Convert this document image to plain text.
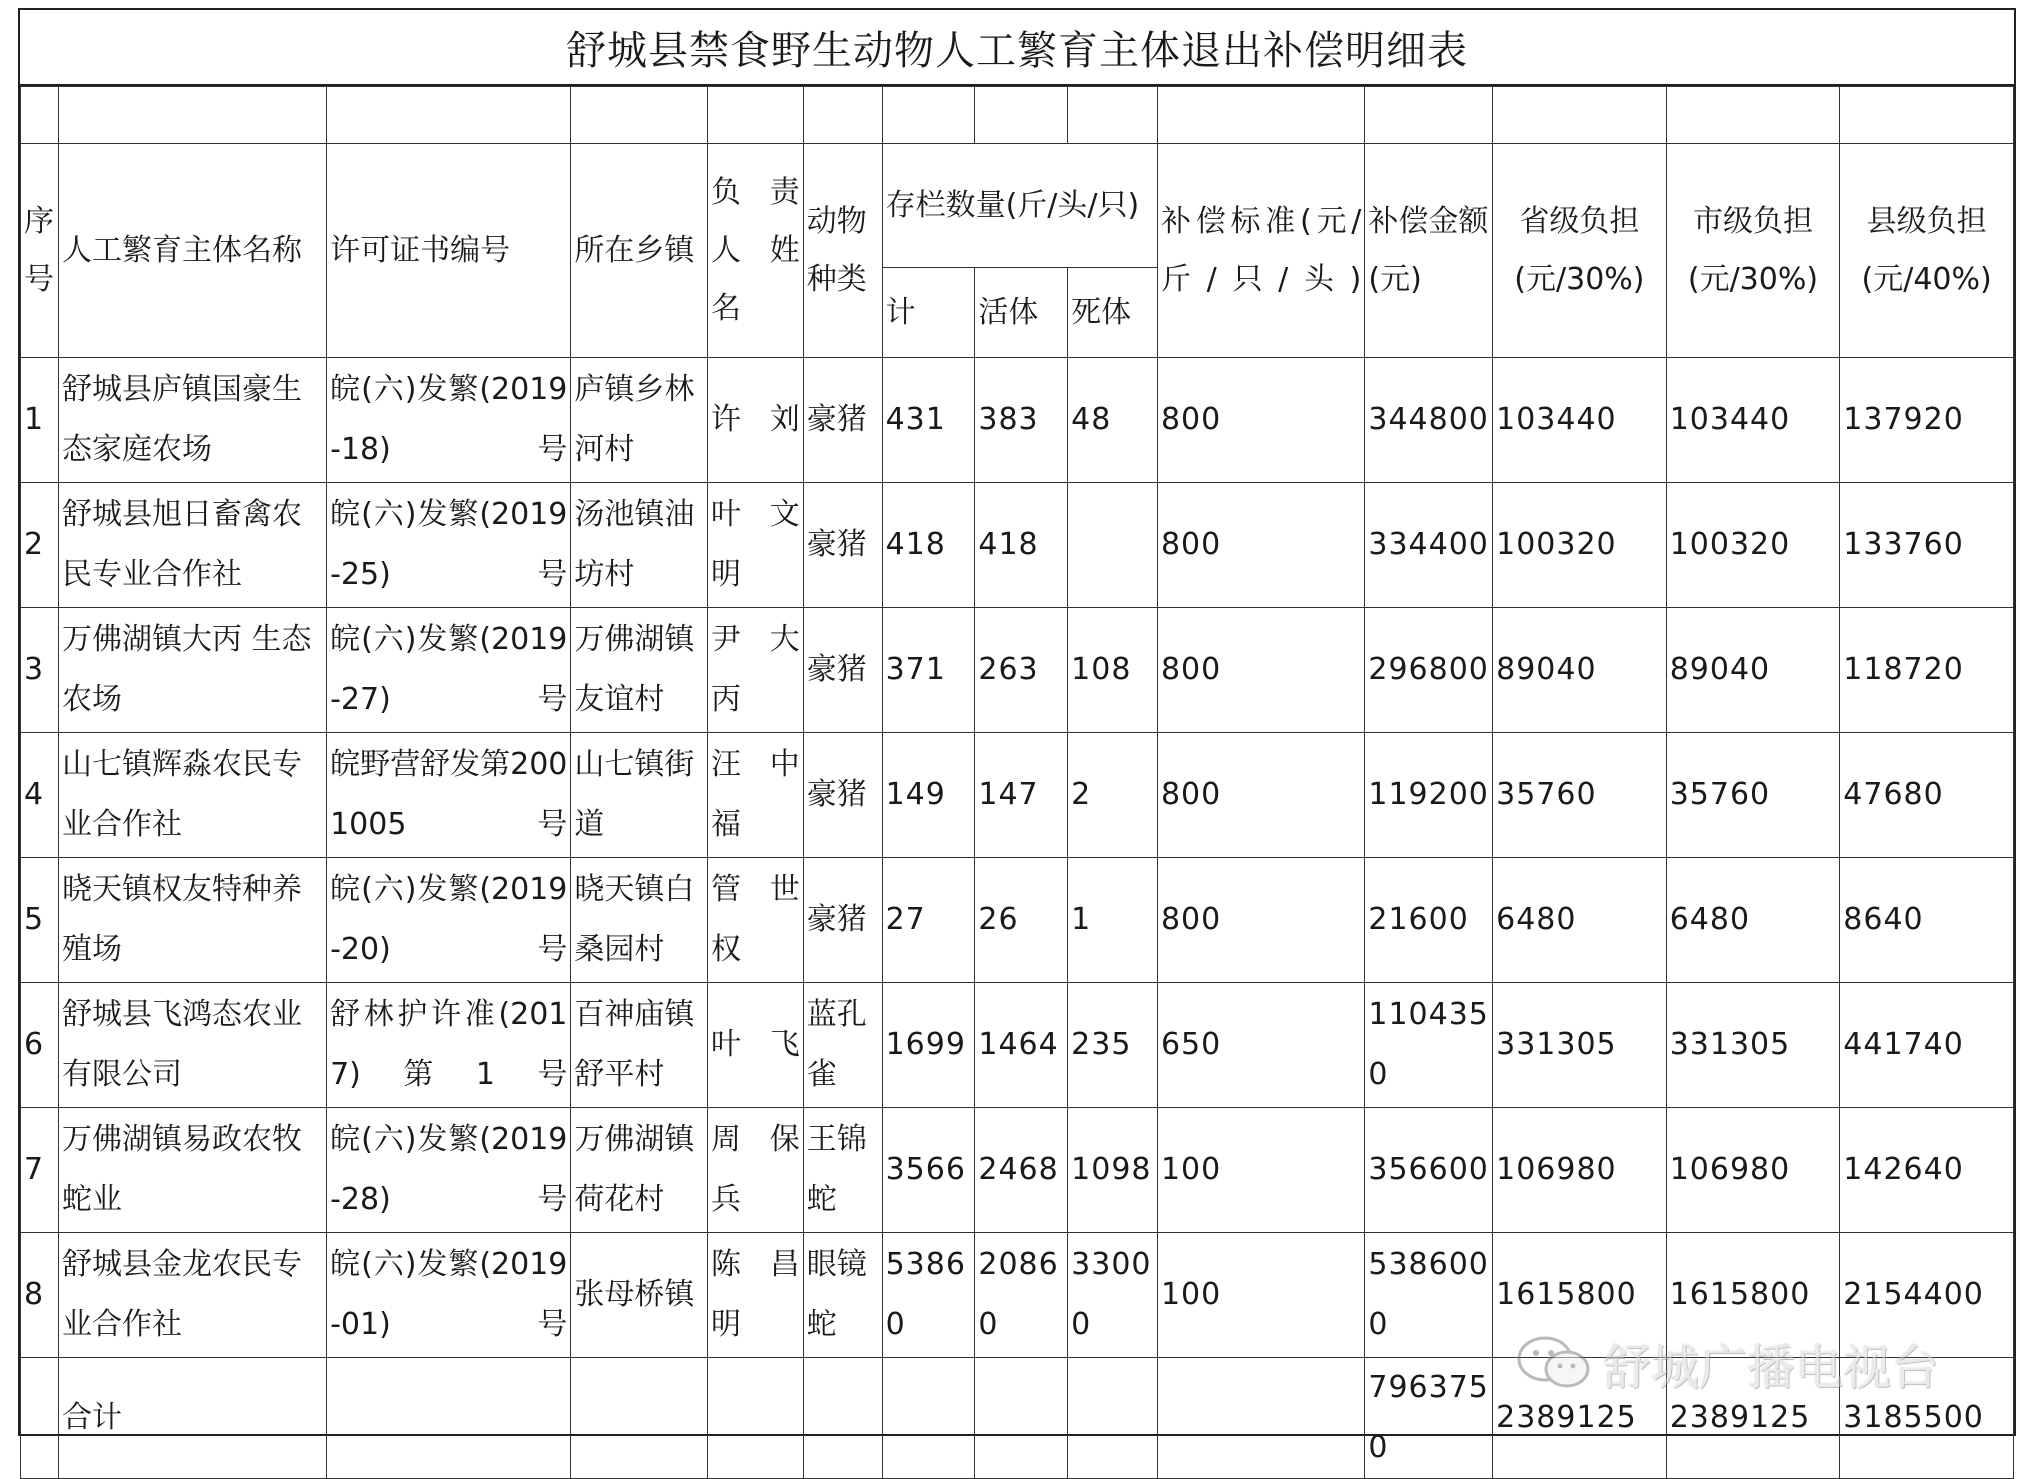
舒城县禁食野生动物人工繁育主体退出补偿明细表

序号	人工繁育主体名称	许可证书编号	所在乡镇	负责人姓名	动物种类	存栏数量(斤/头/只)			补偿标准(元/斤/只/头)	补偿金额(元)	省级负担(元/30%)	市级负担(元/30%)	县级负担(元/40%)
						计	活体	死体					
1	舒城县庐镇国豪生态家庭农场	皖(六)发繁(2019-18)号	庐镇乡林河村	许刘	豪猪	431	383	48	800	344800	103440	103440	137920
2	舒城县旭日畜禽农民专业合作社	皖(六)发繁(2019-25)号	汤池镇油坊村	叶文明	豪猪	418	418		800	334400	100320	100320	133760
3	万佛湖镇大丙 生态农场	皖(六)发繁(2019-27)号	万佛湖镇友谊村	尹大丙	豪猪	371	263	108	800	296800	89040	89040	118720
4	山七镇辉淼农民专业合作社	皖野营舒发第2001005号	山七镇街道	汪中福	豪猪	149	147	2	800	119200	35760	35760	47680
5	晓天镇权友特种养殖场	皖(六)发繁(2019-20)号	晓天镇白桑园村	管世权	豪猪	27	26	1	800	21600	6480	6480	8640
6	舒城县飞鸿态农业有限公司	舒林护许准(2017)第1号	百神庙镇舒平村	叶飞	蓝孔雀	1699	1464	235	650	1104350	331305	331305	441740
7	万佛湖镇易政农牧蛇业	皖(六)发繁(2019-28)号	万佛湖镇荷花村	周保兵	王锦蛇	3566	2468	1098	100	356600	106980	106980	142640
8	舒城县金龙农民专业合作社	皖(六)发繁(2019-01)号	张母桥镇	陈昌明	眼镜蛇	53860	20860	33000	100	5386000	1615800	1615800	2154400
	合计									7963750	2389125	2389125	3185500
舒城广播电视台
